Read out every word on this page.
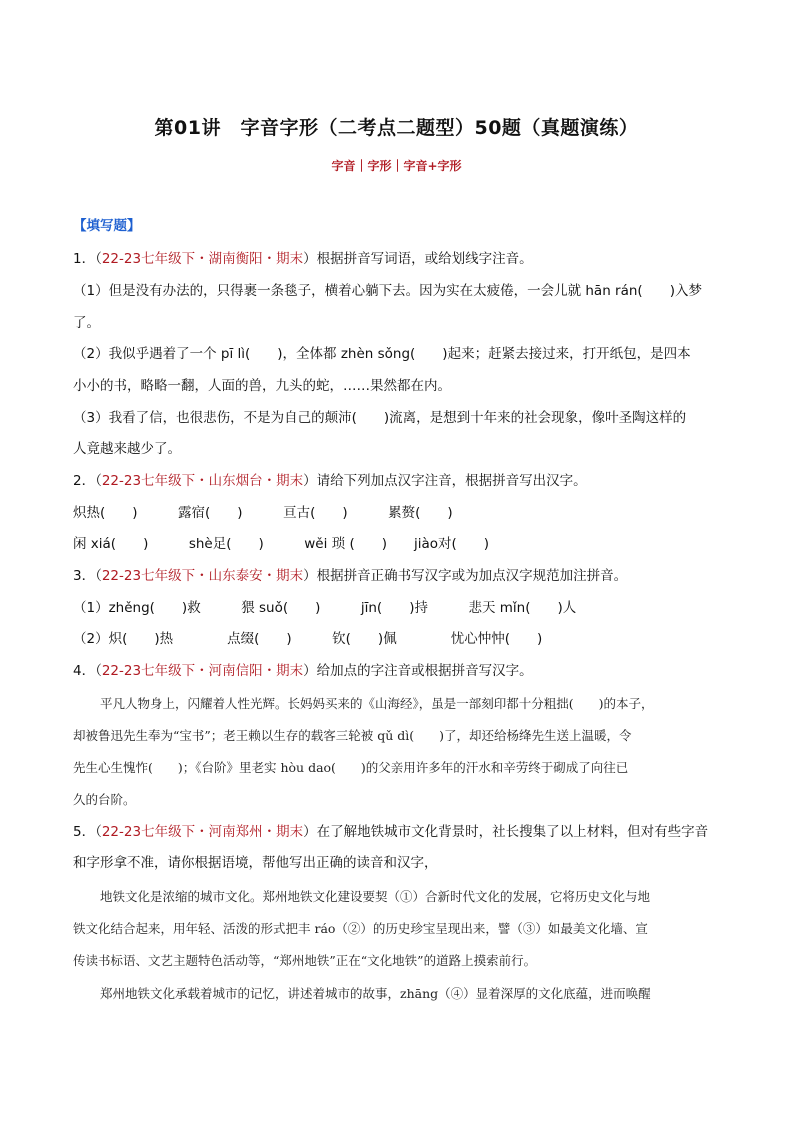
第01讲　字音字形（二考点二题型）50题（真题演练）
字音｜字形｜字音+字形
【填写题】
1．（22-23七年级下・湖南衡阳・期末）根据拼音写词语，或给划线字注音。
（1）但是没有办法的，只得裹一条毯子，横着心躺下去。因为实在太疲倦，一会儿就 hān rán(　　)入梦
了。
（2）我似乎遇着了一个 pī lì(　　)，全体都 zhèn sǒng(　　)起来；赶紧去接过来，打开纸包，是四本
小小的书，略略一翻，人面的兽，九头的蛇，……果然都在内。
（3）我看了信，也很悲伤，不是为自己的颠沛(　　)流离，是想到十年来的社会现象，像叶圣陶这样的
人竟越来越少了。
2．（22-23七年级下・山东烟台・期末）请给下列加点汉字注音，根据拼音写出汉字。
炽热(　　)　　　露宿(　　)　　　亘古(　　)　　　累赘(　　)
闲 xiá(　　)　　　shè足(　　)　　　wěi 琐 (　　)　　jiào对(　　)
3．（22-23七年级下・山东泰安・期末）根据拼音正确书写汉字或为加点汉字规范加注拼音。
（1）zhěng(　　)救　　　猥 suǒ(　　)　　　jīn(　　)持　　　悲天 mǐn(　　)人
（2）炽(　　)热　　　　点缀(　　)　　　钦(　　)佩　　　　忧心忡忡(　　)
4．（22-23七年级下・河南信阳・期末）给加点的字注音或根据拼音写汉字。
平凡人物身上，闪耀着人性光辉。长妈妈买来的《山海经》，虽是一部刻印都十分粗拙(　　)的本子，
却被鲁迅先生奉为“宝书”；老王赖以生存的载客三轮被 qǔ dì(　　)了，却还给杨绛先生送上温暖，令
先生心生愧怍(　　)；《台阶》里老实 hòu dao(　　)的父亲用许多年的汗水和辛劳终于砌成了向往已
久的台阶。
5．（22-23七年级下・河南郑州・期末）在了解地铁城市文化背景时，社长搜集了以上材料，但对有些字音
和字形拿不准，请你根据语境，帮他写出正确的读音和汉字，
地铁文化是浓缩的城市文化。郑州地铁文化建设要契（①）合新时代文化的发展，它将历史文化与地
铁文化结合起来，用年轻、活泼的形式把丰 ráo（②）的历史珍宝呈现出来，譬（③）如最美文化墙、宣
传读书标语、文艺主题特色活动等，“郑州地铁”正在“文化地铁”的道路上摸索前行。
郑州地铁文化承载着城市的记忆，讲述着城市的故事，zhāng（④）显着深厚的文化底蕴，进而唤醒
